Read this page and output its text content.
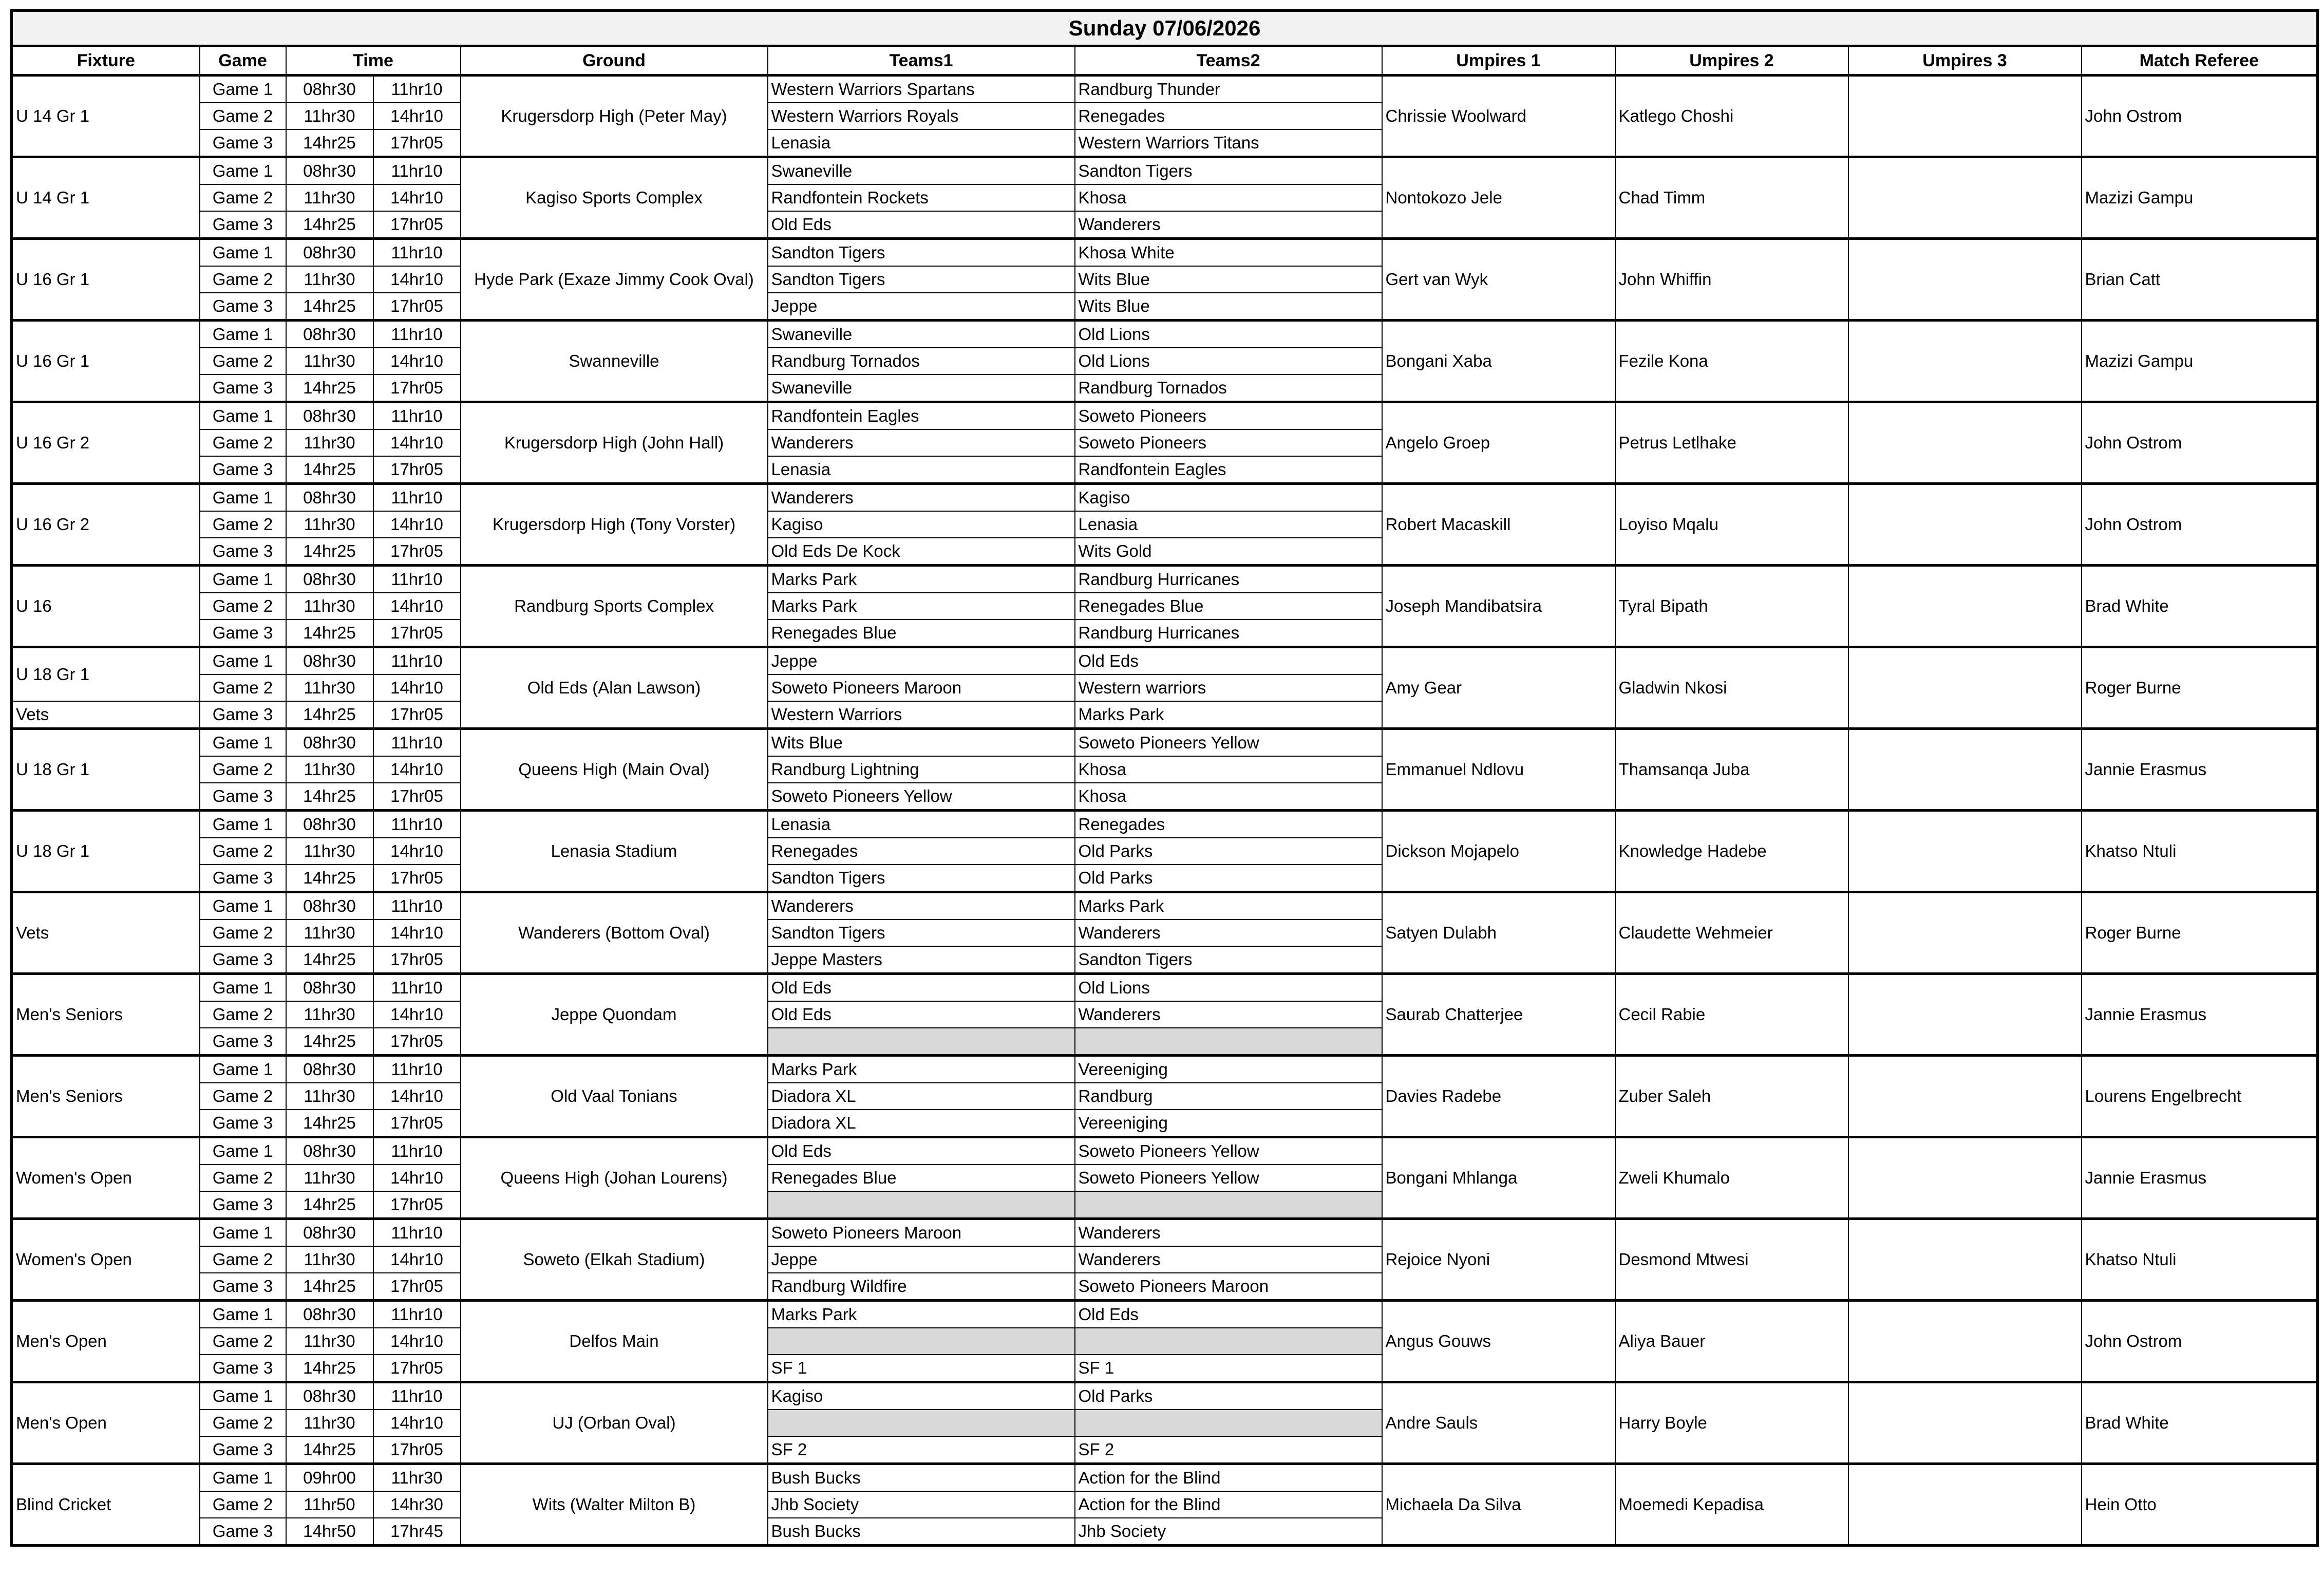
Sunday 07/06/2026										
Fixture	Game	Time		Ground	Teams1	Teams2	Umpires 1	Umpires 2	Umpires 3	Match Referee
U 14 Gr 1	Game 1	08hr30	11hr10	Krugersdorp High (Peter May)	Western Warriors Spartans	Randburg Thunder	Chrissie Woolward	Katlego Choshi		John Ostrom
	Game 2	11hr30	14hr10		Western Warriors Royals	Renegades				
	Game 3	14hr25	17hr05		Lenasia	Western Warriors Titans				
U 14 Gr 1	Game 1	08hr30	11hr10	Kagiso Sports Complex	Swaneville	Sandton Tigers	Nontokozo Jele	Chad Timm		Mazizi Gampu
	Game 2	11hr30	14hr10		Randfontein Rockets	Khosa				
	Game 3	14hr25	17hr05		Old Eds	Wanderers				
U 16 Gr 1	Game 1	08hr30	11hr10	Hyde Park (Exaze Jimmy Cook Oval)	Sandton Tigers	Khosa White	Gert van Wyk	John Whiffin		Brian Catt
	Game 2	11hr30	14hr10		Sandton Tigers	Wits Blue				
	Game 3	14hr25	17hr05		Jeppe	Wits Blue				
U 16 Gr 1	Game 1	08hr30	11hr10	Swanneville	Swaneville	Old Lions	Bongani Xaba	Fezile Kona		Mazizi Gampu
	Game 2	11hr30	14hr10		Randburg Tornados	Old Lions				
	Game 3	14hr25	17hr05		Swaneville	Randburg Tornados				
U 16 Gr 2	Game 1	08hr30	11hr10	Krugersdorp High (John Hall)	Randfontein Eagles	Soweto Pioneers	Angelo Groep	Petrus Letlhake		John Ostrom
	Game 2	11hr30	14hr10		Wanderers	Soweto Pioneers				
	Game 3	14hr25	17hr05		Lenasia	Randfontein Eagles				
U 16 Gr 2	Game 1	08hr30	11hr10	Krugersdorp High (Tony Vorster)	Wanderers	Kagiso	Robert Macaskill	Loyiso Mqalu		John Ostrom
	Game 2	11hr30	14hr10		Kagiso	Lenasia				
	Game 3	14hr25	17hr05		Old Eds De Kock	Wits Gold				
U 16	Game 1	08hr30	11hr10	Randburg Sports Complex	Marks Park	Randburg Hurricanes	Joseph Mandibatsira	Tyral Bipath		Brad White
	Game 2	11hr30	14hr10		Marks Park	Renegades Blue				
	Game 3	14hr25	17hr05		Renegades Blue	Randburg Hurricanes				
U 18 Gr 1	Game 1	08hr30	11hr10	Old Eds (Alan Lawson)	Jeppe	Old Eds	Amy Gear	Gladwin Nkosi		Roger Burne
	Game 2	11hr30	14hr10		Soweto Pioneers Maroon	Western warriors				
Vets	Game 3	14hr25	17hr05		Western Warriors	Marks Park				
U 18 Gr 1	Game 1	08hr30	11hr10	Queens High (Main Oval)	Wits Blue	Soweto Pioneers Yellow	Emmanuel Ndlovu	Thamsanqa Juba		Jannie Erasmus
	Game 2	11hr30	14hr10		Randburg Lightning	Khosa				
	Game 3	14hr25	17hr05		Soweto Pioneers Yellow	Khosa				
U 18 Gr 1	Game 1	08hr30	11hr10	Lenasia Stadium	Lenasia	Renegades	Dickson Mojapelo	Knowledge Hadebe		Khatso Ntuli
	Game 2	11hr30	14hr10		Renegades	Old Parks				
	Game 3	14hr25	17hr05		Sandton Tigers	Old Parks				
Vets	Game 1	08hr30	11hr10	Wanderers (Bottom Oval)	Wanderers	Marks Park	Satyen Dulabh	Claudette Wehmeier		Roger Burne
	Game 2	11hr30	14hr10		Sandton Tigers	Wanderers				
	Game 3	14hr25	17hr05		Jeppe Masters	Sandton Tigers				
Men's Seniors	Game 1	08hr30	11hr10	Jeppe Quondam	Old Eds	Old Lions	Saurab Chatterjee	Cecil Rabie		Jannie Erasmus
	Game 2	11hr30	14hr10		Old Eds	Wanderers				
	Game 3	14hr25	17hr05							
Men's Seniors	Game 1	08hr30	11hr10	Old Vaal Tonians	Marks Park	Vereeniging	Davies Radebe	Zuber Saleh		Lourens Engelbrecht
	Game 2	11hr30	14hr10		Diadora XL	Randburg				
	Game 3	14hr25	17hr05		Diadora XL	Vereeniging				
Women's Open	Game 1	08hr30	11hr10	Queens High (Johan Lourens)	Old Eds	Soweto Pioneers Yellow	Bongani Mhlanga	Zweli Khumalo		Jannie Erasmus
	Game 2	11hr30	14hr10		Renegades Blue	Soweto Pioneers Yellow				
	Game 3	14hr25	17hr05							
Women's Open	Game 1	08hr30	11hr10	Soweto (Elkah Stadium)	Soweto Pioneers Maroon	Wanderers	Rejoice Nyoni	Desmond Mtwesi		Khatso Ntuli
	Game 2	11hr30	14hr10		Jeppe	Wanderers				
	Game 3	14hr25	17hr05		Randburg Wildfire	Soweto Pioneers Maroon				
Men's Open	Game 1	08hr30	11hr10	Delfos Main	Marks Park	Old Eds	Angus Gouws	Aliya Bauer		John Ostrom
	Game 2	11hr30	14hr10							
	Game 3	14hr25	17hr05		SF 1	SF 1				
Men's Open	Game 1	08hr30	11hr10	UJ (Orban Oval)	Kagiso	Old Parks	Andre Sauls	Harry Boyle		Brad White
	Game 2	11hr30	14hr10							
	Game 3	14hr25	17hr05		SF 2	SF 2				
Blind Cricket	Game 1	09hr00	11hr30	Wits (Walter Milton B)	Bush Bucks	Action for the Blind	Michaela Da Silva	Moemedi Kepadisa		Hein Otto
	Game 2	11hr50	14hr30		Jhb Society	Action for the Blind				
	Game 3	14hr50	17hr45		Bush Bucks	Jhb Society				
